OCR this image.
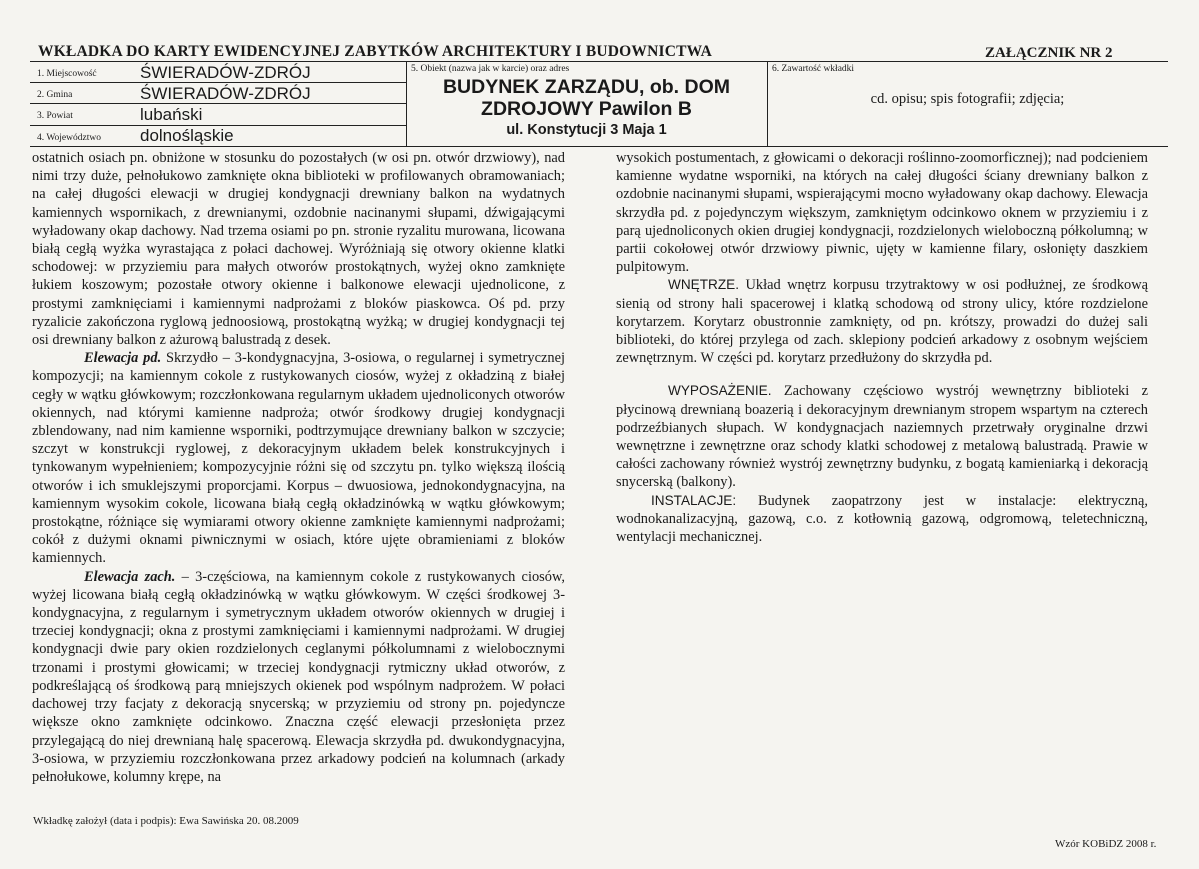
WKŁADKA DO KARTY EWIDENCYJNEJ ZABYTKÓW ARCHITEKTURY I BUDOWNICTWA	ZAŁĄCZNIK NR 2
1. Miejscowość	ŚWIERADÓW-ZDRÓJ
2. Gmina	ŚWIERADÓW-ZDRÓJ
3. Powiat	lubański
4. Województwo dolnośląskie
5. Obiekt (nazwa jak w karcie) oraz adres
BUDYNEK ZARZĄDU, ob. DOM
ZDROJOWY Pawilon B
ul. Konstytucji 3 Maja 1
6. Zawartość wkładki
cd. opisu; spis fotografii; zdjęcia;

ostatnich osiach pn. obniżone w stosunku do pozostałych (w osi pn. otwór drzwiowy), nad nimi trzy duże, pełnołukowo zamknięte okna biblioteki w profilowanych obramowaniach; na całej długości elewacji w drugiej kondygnacji drewniany balkon na wydatnych kamiennych wspornikach, z drewnianymi, ozdobnie nacinanymi słupami, dźwigającymi wyładowany okap dachowy. Nad trzema osiami po pn. stronie ryzalitu murowana, licowana białą cegłą wyżka wyrastająca z połaci dachowej. Wyróżniają się otwory okienne klatki schodowej: w przyziemiu para małych otworów prostokątnych, wyżej okno zamknięte łukiem koszowym; pozostałe otwory okienne i balkonowe elewacji ujednolicone, z prostymi zamknięciami i kamiennymi nadprożami z bloków piaskowca. Oś pd. przy ryzalicie zakończona ryglową jednoosiową, prostokątną wyżką; w drugiej kondygnacji tej osi drewniany balkon z ażurową balustradą z desek.

Elewacja pd. Skrzydło – 3-kondygnacyjna, 3-osiowa, o regularnej i symetrycznej kompozycji; na kamiennym cokole z rustykowanych ciosów, wyżej z okładziną z białej cegły w wątku główkowym; rozczłonkowana regularnym układem ujednoliconych otworów okiennych, nad którymi kamienne nadproża; otwór środkowy drugiej kondygnacji zblendowany, nad nim kamienne wsporniki, podtrzymujące drewniany balkon w szczycie; szczyt w konstrukcji ryglowej, z dekoracyjnym układem belek konstrukcyjnych i tynkowanym wypełnieniem; kompozycyjnie różni się od szczytu pn. tylko większą ilością otworów i ich smuklejszymi proporcjami. Korpus – dwuosiowa, jednokondygnacyjna, na kamiennym wysokim cokole, licowana białą cegłą okładzinówką w wątku główkowym; prostokątne, różniące się wymiarami otwory okienne zamknięte kamiennymi nadprożami; cokół z dużymi oknami piwnicznymi w osiach, które ujęte obramieniami z bloków kamiennych.

Elewacja zach. – 3-częściowa, na kamiennym cokole z rustykowanych ciosów, wyżej licowana białą cegłą okładzinówką w wątku główkowym. W części środkowej 3-kondygnacyjna, z regularnym i symetrycznym układem otworów okiennych w drugiej i trzeciej kondygnacji; okna z prostymi zamknięciami i kamiennymi nadprożami. W drugiej kondygnacji dwie pary okien rozdzielonych ceglanymi półkolumnami z wielobocznymi trzonami i prostymi głowicami; w trzeciej kondygnacji rytmiczny układ otworów, z podkreślającą oś środkową parą mniejszych okienek pod wspólnym nadprożem. W połaci dachowej trzy facjaty z dekoracją snycerską; w przyziemiu od strony pn. pojedyncze większe okno zamknięte odcinkowo. Znaczna część elewacji przesłonięta przez przylegającą do niej drewnianą halę spacerową. Elewacja skrzydła pd. dwukondygnacyjna, 3-osiowa, w przyziemiu rozczłonkowana przez arkadowy podcień na kolumnach (arkady pełnołukowe, kolumny krępe, na

wysokich postumentach, z głowicami o dekoracji roślinno-zoomorficznej); nad podcieniem kamienne wydatne wsporniki, na których na całej długości ściany drewniany balkon z ozdobnie nacinanymi słupami, wspierającymi mocno wyładowany okap dachowy. Elewacja skrzydła pd. z pojedynczym większym, zamkniętym odcinkowo oknem w przyziemiu i z parą ujednoliconych okien drugiej kondygnacji, rozdzielonych wieloboczną półkolumną; w partii cokołowej otwór drzwiowy piwnic, ujęty w kamienne filary, osłonięty daszkiem pulpitowym.

WNĘTRZE. Układ wnętrz korpusu trzytraktowy w osi podłużnej, ze środkową sienią od strony hali spacerowej i klatką schodową od strony ulicy, które rozdzielone korytarzem. Korytarz obustronnie zamknięty, od pn. krótszy, prowadzi do dużej sali biblioteki, do której przylega od zach. sklepiony podcień arkadowy z osobnym wejściem zewnętrznym. W części pd. korytarz przedłużony do skrzydła pd.

WYPOSAŻENIE. Zachowany częściowo wystrój wewnętrzny biblioteki z płycinową drewnianą boazerią i dekoracyjnym drewnianym stropem wspartym na czterech podrzeźbianych słupach. W kondygnacjach naziemnych przetrwały oryginalne drzwi wewnętrzne i zewnętrzne oraz schody klatki schodowej z metalową balustradą. Prawie w całości zachowany również wystrój zewnętrzny budynku, z bogatą kamieniarką i dekoracją snycerską (balkony).

INSTALACJE: Budynek zaopatrzony jest w instalacje: elektryczną, wodnokanalizacyjną, gazową, c.o. z kotłownią gazową, odgromową, teletechniczną, wentylacji mechanicznej.

Wkładkę założył (data i podpis): Ewa Sawińska 20. 08.2009
Wzór KOBiDZ 2008 r.
